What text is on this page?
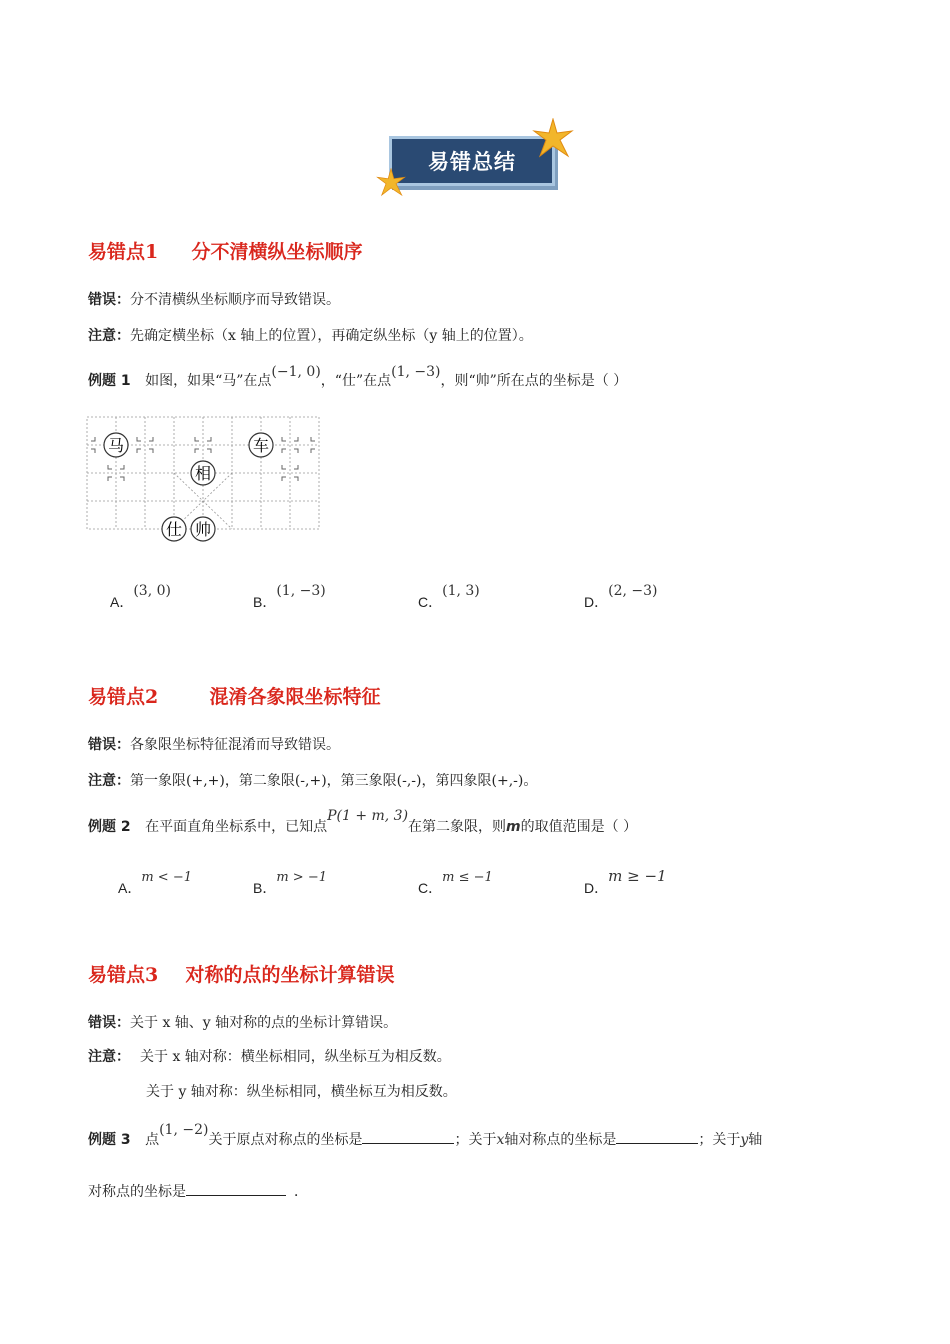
易错总结
易错点1 分不清横纵坐标顺序
错误：分不清横纵坐标顺序而导致错误。
注意：先确定横坐标（x 轴上的位置），再确定纵坐标（y 轴上的位置）。
例题 1 如图，如果“马”在点(−1, 0)，“仕”在点(1, −3)，则“帅”所在点的坐标是（ ）
马	车
相
仕 帅
A．(3, 0)
B．(1, −3)
C．(1, 3)
D．(2, −3)
易错点2	混淆各象限坐标特征
错误：各象限坐标特征混淆而导致错误。
注意：第一象限(+,+)，第二象限(-,+)，第三象限(-,-)，第四象限(+,-)。
例题 2 在平面直角坐标系中，已知点P(1 + m, 3)在第二象限，则m的取值范围是（ ）
A．m < −1
B．m > −1
C．m ≤ −1
D．m ≥ −1
易错点3 对称的点的坐标计算错误
错误：关于 x 轴、y 轴对称的点的坐标计算错误。
注意： 关于 x 轴对称：横坐标相同，纵坐标互为相反数。
关于 y 轴对称：纵坐标相同，横坐标互为相反数。
例题 3 点(1, −2)关于原点对称点的坐标是	；关于x轴对称点的坐标是	；关于y轴
对称点的坐标是	．
